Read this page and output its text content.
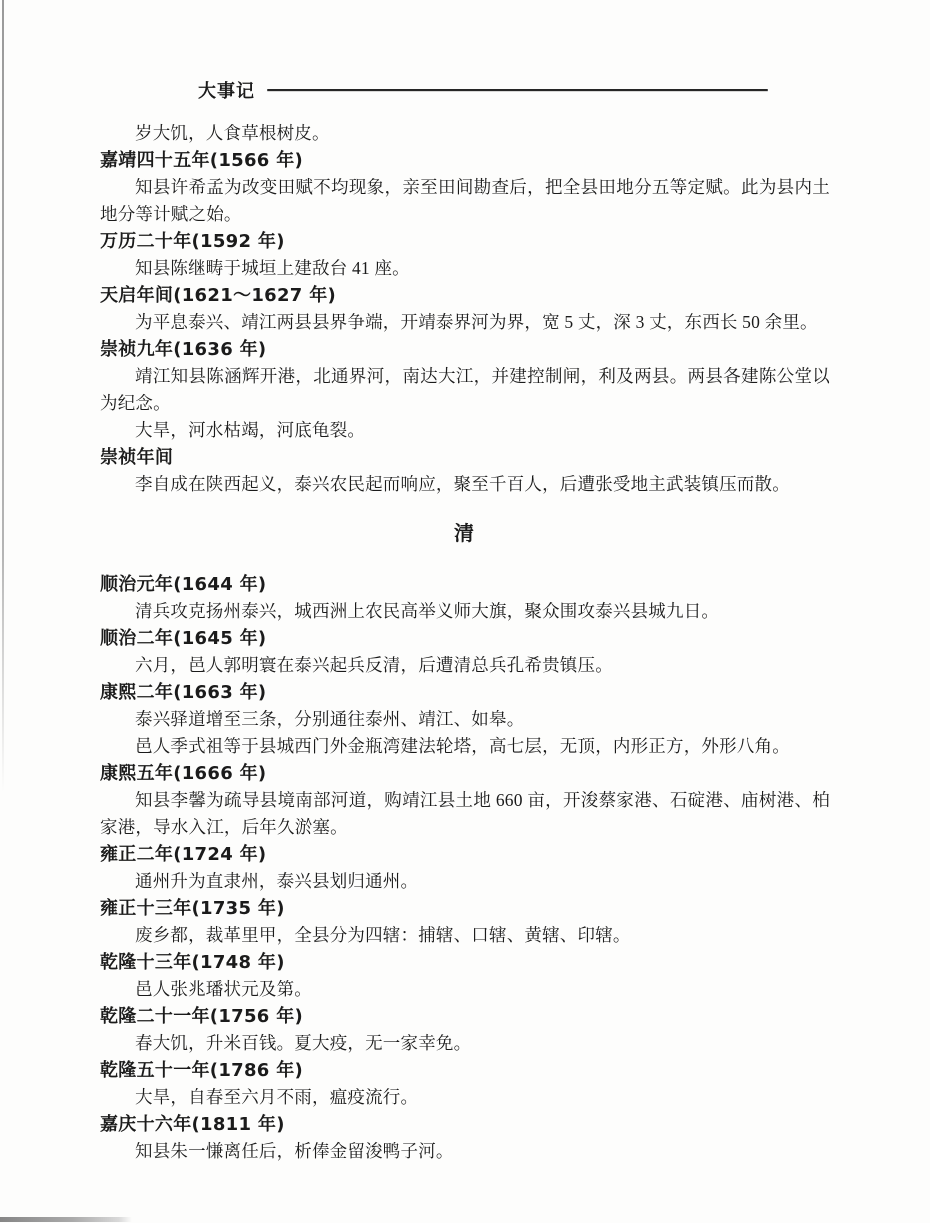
大事记

岁大饥，人食草根树皮。

嘉靖四十五年(1566 年)

知县许希孟为改变田赋不均现象，亲至田间勘查后，把全县田地分五等定赋。此为县内土地分等计赋之始。

万历二十年(1592 年)

知县陈继畴于城垣上建敌台 41 座。

天启年间(1621～1627 年)

为平息泰兴、靖江两县县界争端，开靖泰界河为界，宽 5 丈，深 3 丈，东西长 50 余里。

崇祯九年(1636 年)

靖江知县陈涵辉开港，北通界河，南达大江，并建控制闸，利及两县。两县各建陈公堂以为纪念。

大旱，河水枯竭，河底龟裂。

崇祯年间

李自成在陕西起义，泰兴农民起而响应，聚至千百人，后遭张受地主武装镇压而散。

清

顺治元年(1644 年)

清兵攻克扬州泰兴，城西洲上农民高举义师大旗，聚众围攻泰兴县城九日。

顺治二年(1645 年)

六月，邑人郭明寰在泰兴起兵反清，后遭清总兵孔希贵镇压。

康熙二年(1663 年)

泰兴驿道增至三条，分别通往泰州、靖江、如皋。

邑人季式祖等于县城西门外金瓶湾建法轮塔，高七层，无顶，内形正方，外形八角。

康熙五年(1666 年)

知县李馨为疏导县境南部河道，购靖江县土地 660 亩，开浚蔡家港、石碇港、庙树港、柏家港，导水入江，后年久淤塞。

雍正二年(1724 年)

通州升为直隶州，泰兴县划归通州。

雍正十三年(1735 年)

废乡都，裁革里甲，全县分为四辖：捕辖、口辖、黄辖、印辖。

乾隆十三年(1748 年)

邑人张兆璠状元及第。

乾隆二十一年(1756 年)

春大饥，升米百钱。夏大疫，无一家幸免。

乾隆五十一年(1786 年)

大旱，自春至六月不雨，瘟疫流行。

嘉庆十六年(1811 年)

知县朱一慊离任后，析俸金留浚鸭子河。
